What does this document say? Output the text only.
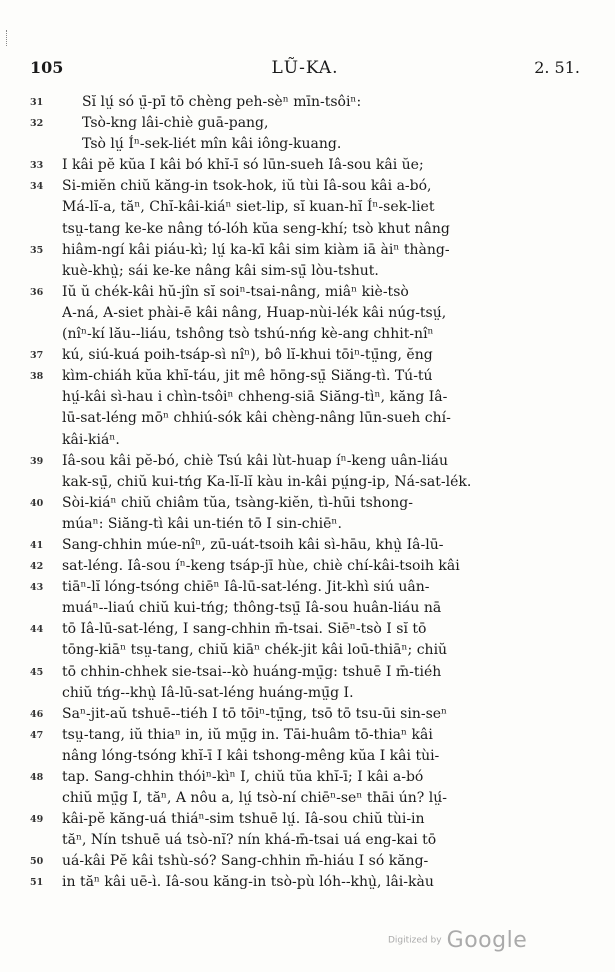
105	LŨ-KA.	2. 51.
31	Sĭ lṳ́ só ṳ̄-pī tō chèng peh-sèⁿ mīn-tsôiⁿ:
32	Tsò-kng lâi-chiè guā-pang,
Tsò lṳ́ Íⁿ-sek-liét mîn kâi iông-kuang.
33	I kâi pĕ kŭa I kâi bó khĭ-ī só lūn-sueh Iâ-sou kâi ŭe;
34	Si-miĕn chiŭ kăng-in tsok-hok, iŭ tùi Iâ-sou kâi a-bó,
Má-lĭ-a, tăⁿ, Chĭ-kâi-kiáⁿ siet-lip, sĭ kuan-hĭ Íⁿ-sek-liet
tsṳ-tang ke-ke nâng tó-lóh kŭa seng-khí; tsò khut nâng
35	hiâm-ngí kâi piáu-kì; lṳ́ ka-kī kâi sim kiàm iā àiⁿ thàng-
kuè-khṳ̀; sái ke-ke nâng kâi sim-sṳ̄ lòu-tshut.
36	Iŭ ŭ chék-kâi hŭ-jîn sĭ soiⁿ-tsai-nâng, miâⁿ kiè-tsò
A-ná, A-siet phài-ē kâi nâng, Huap-nùi-lék kâi núg-tsṳ́,
(nîⁿ-kí lău--liáu, tshông tsò tshú-nńg kè-ang chhit-nîⁿ
37	kú, siú-kuá poih-tsáp-sì nîⁿ), bô lĭ-khui tōiⁿ-tṳ̄ng, ĕng
38	kìm-chiáh kŭa khĭ-táu, jit mê hōng-sṳ̄ Siăng-tì. Tú-tú
hṳ́-kâi sì-hau i chìn-tsôiⁿ chheng-siā Siăng-tìⁿ, kăng Iâ-
lū-sat-léng mōⁿ chhiú-sók kâi chèng-nâng lūn-sueh chí-
kâi-kiáⁿ.
39	Iâ-sou kâi pĕ-bó, chiè Tsú kâi lùt-huap íⁿ-keng uân-liáu
kak-sṳ̄, chiŭ kui-tńg Ka-lĭ-lĭ kàu in-kâi pṳ́ng-ip, Ná-sat-lék.
40	Sòi-kiáⁿ chiŭ chiâm tŭa, tsàng-kiĕn, tì-hūi tshong-
múaⁿ: Siăng-tì kâi un-tién tō I sin-chiēⁿ.
41	Sang-chhin múe-nîⁿ, zū-uát-tsoih kâi sì-hāu, khṳ̀ Iâ-lū-
42	sat-léng. Iâ-sou íⁿ-keng tsáp-jī hùe, chiè chí-kâi-tsoih kâi
43	tiāⁿ-lĭ lóng-tsóng chiēⁿ Iâ-lū-sat-léng. Jit-khì siú uân-
muáⁿ--liaú chiŭ kui-tńg; thông-tsṳ̄ Iâ-sou huân-liáu nā
44	tō Iâ-lū-sat-léng, I sang-chhin m̄-tsai. Siēⁿ-tsò I sĭ tō
tōng-kiāⁿ tsṳ-tang, chiŭ kiāⁿ chék-jit kâi loū-thiāⁿ; chiŭ
45	tō chhin-chhek sie-tsai--kò huáng-mṳ̄g: tshuē I m̄-tiéh
chiŭ tńg--khṳ̀ Iâ-lū-sat-léng huáng-mṳ̄g I.
46	Saⁿ-jit-aŭ tshuē--tiéh I tō tōiⁿ-tṳ̄ng, tsō tō tsu-ūi sin-seⁿ
47	tsṳ-tang, iŭ thiaⁿ in, iŭ mṳ̄g in. Tāi-huâm tō-thiaⁿ kâi
nâng lóng-tsóng khĭ-ī I kâi tshong-mêng kŭa I kâi tùi-
48	tap. Sang-chhin thóiⁿ-kìⁿ I, chiŭ tŭa khĭ-ī; I kâi a-bó
chiŭ mṳ̄g I, tăⁿ, A nôu a, lṳ́ tsò-ní chiēⁿ-seⁿ thāi ún? lṳ́-
49	kâi-pĕ kăng-uá thiáⁿ-sim tshuē lṳ́. Iâ-sou chiŭ tùi-in
tăⁿ, Nín tshuē uá tsò-nĭ? nín khá-m̄-tsai uá eng-kai tō
50	uá-kâi Pĕ kâi tshù-só? Sang-chhin m̄-hiáu I só kăng-
51	in tăⁿ kâi uē-ì. Iâ-sou kăng-in tsò-pù lóh--khṳ̀, lâi-kàu
Digitized by Google
